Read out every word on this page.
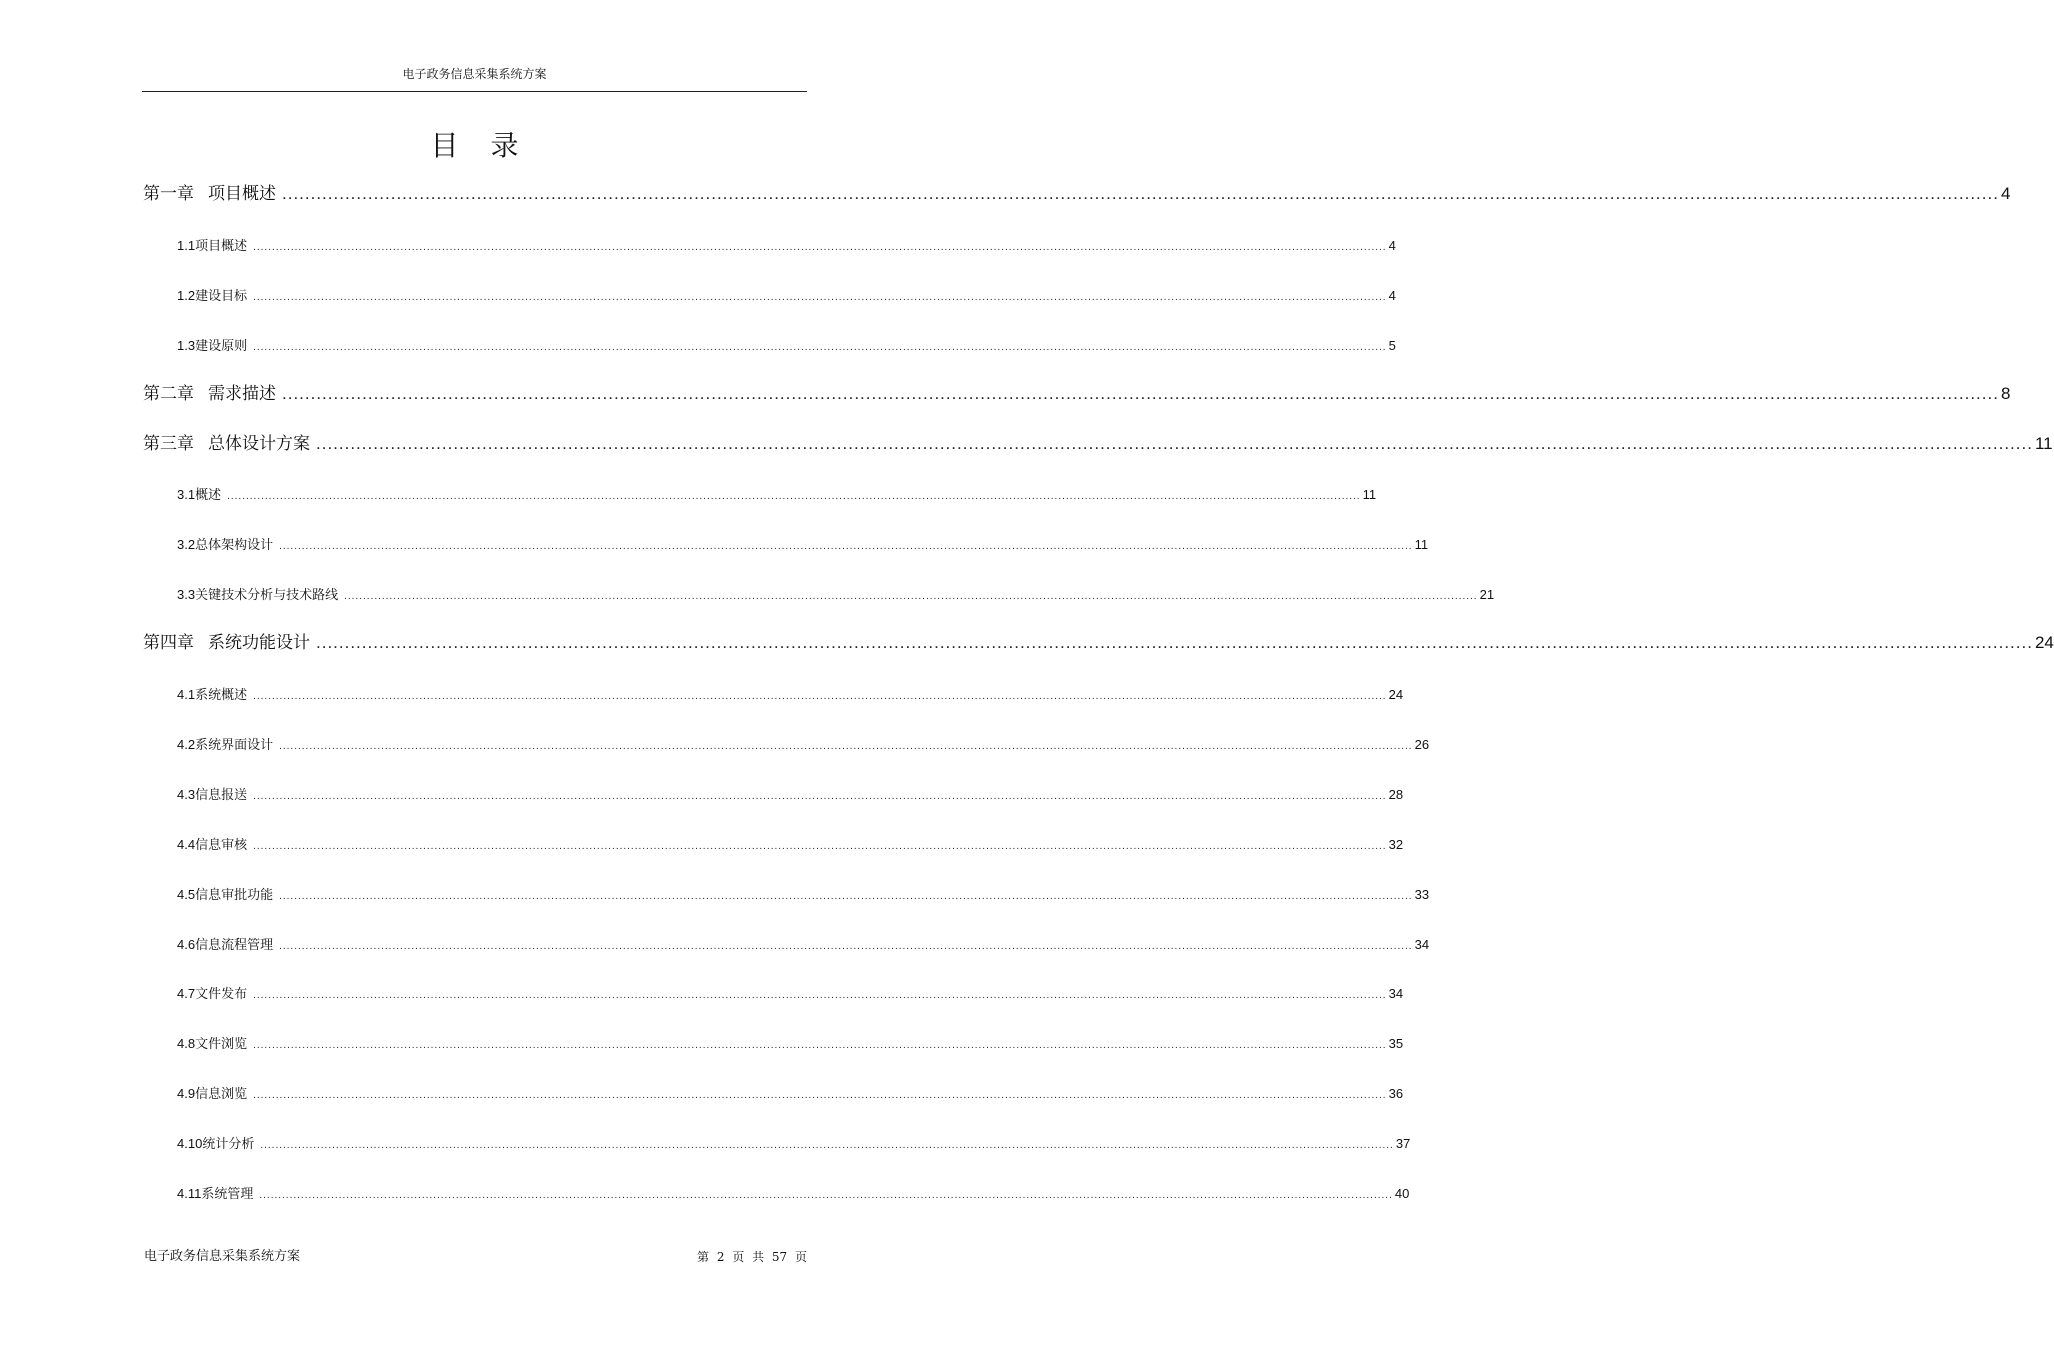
电子政务信息采集系统方案
目录
第一章 项目概述 ............................................................................................................................................................................................................................................................................................................ 4
1.1 项目概述 ............................................................................................................................................................................................................................................................................................................ 4
1.2 建设目标 ............................................................................................................................................................................................................................................................................................................ 4
1.3 建设原则 ............................................................................................................................................................................................................................................................................................................ 5
第二章 需求描述 ............................................................................................................................................................................................................................................................................................................ 8
第三章 总体设计方案 ............................................................................................................................................................................................................................................................................................................ 11
3.1 概述 ............................................................................................................................................................................................................................................................................................................ 11
3.2 总体架构设计 ............................................................................................................................................................................................................................................................................................................ 11
3.3 关键技术分析与技术路线 ............................................................................................................................................................................................................................................................................................................ 21
第四章 系统功能设计 ............................................................................................................................................................................................................................................................................................................ 24
4.1 系统概述 ............................................................................................................................................................................................................................................................................................................ 24
4.2 系统界面设计 ............................................................................................................................................................................................................................................................................................................ 26
4.3 信息报送 ............................................................................................................................................................................................................................................................................................................ 28
4.4 信息审核 ............................................................................................................................................................................................................................................................................................................ 32
4.5 信息审批功能 ............................................................................................................................................................................................................................................................................................................ 33
4.6 信息流程管理 ............................................................................................................................................................................................................................................................................................................ 34
4.7 文件发布 ............................................................................................................................................................................................................................................................................................................ 34
4.8 文件浏览 ............................................................................................................................................................................................................................................................................................................ 35
4.9 信息浏览 ............................................................................................................................................................................................................................................................................................................ 36
4.10 统计分析 ............................................................................................................................................................................................................................................................................................................ 37
4.11 系统管理 ............................................................................................................................................................................................................................................................................................................ 40
电子政务信息采集系统方案	第 2 页 共 57 页
